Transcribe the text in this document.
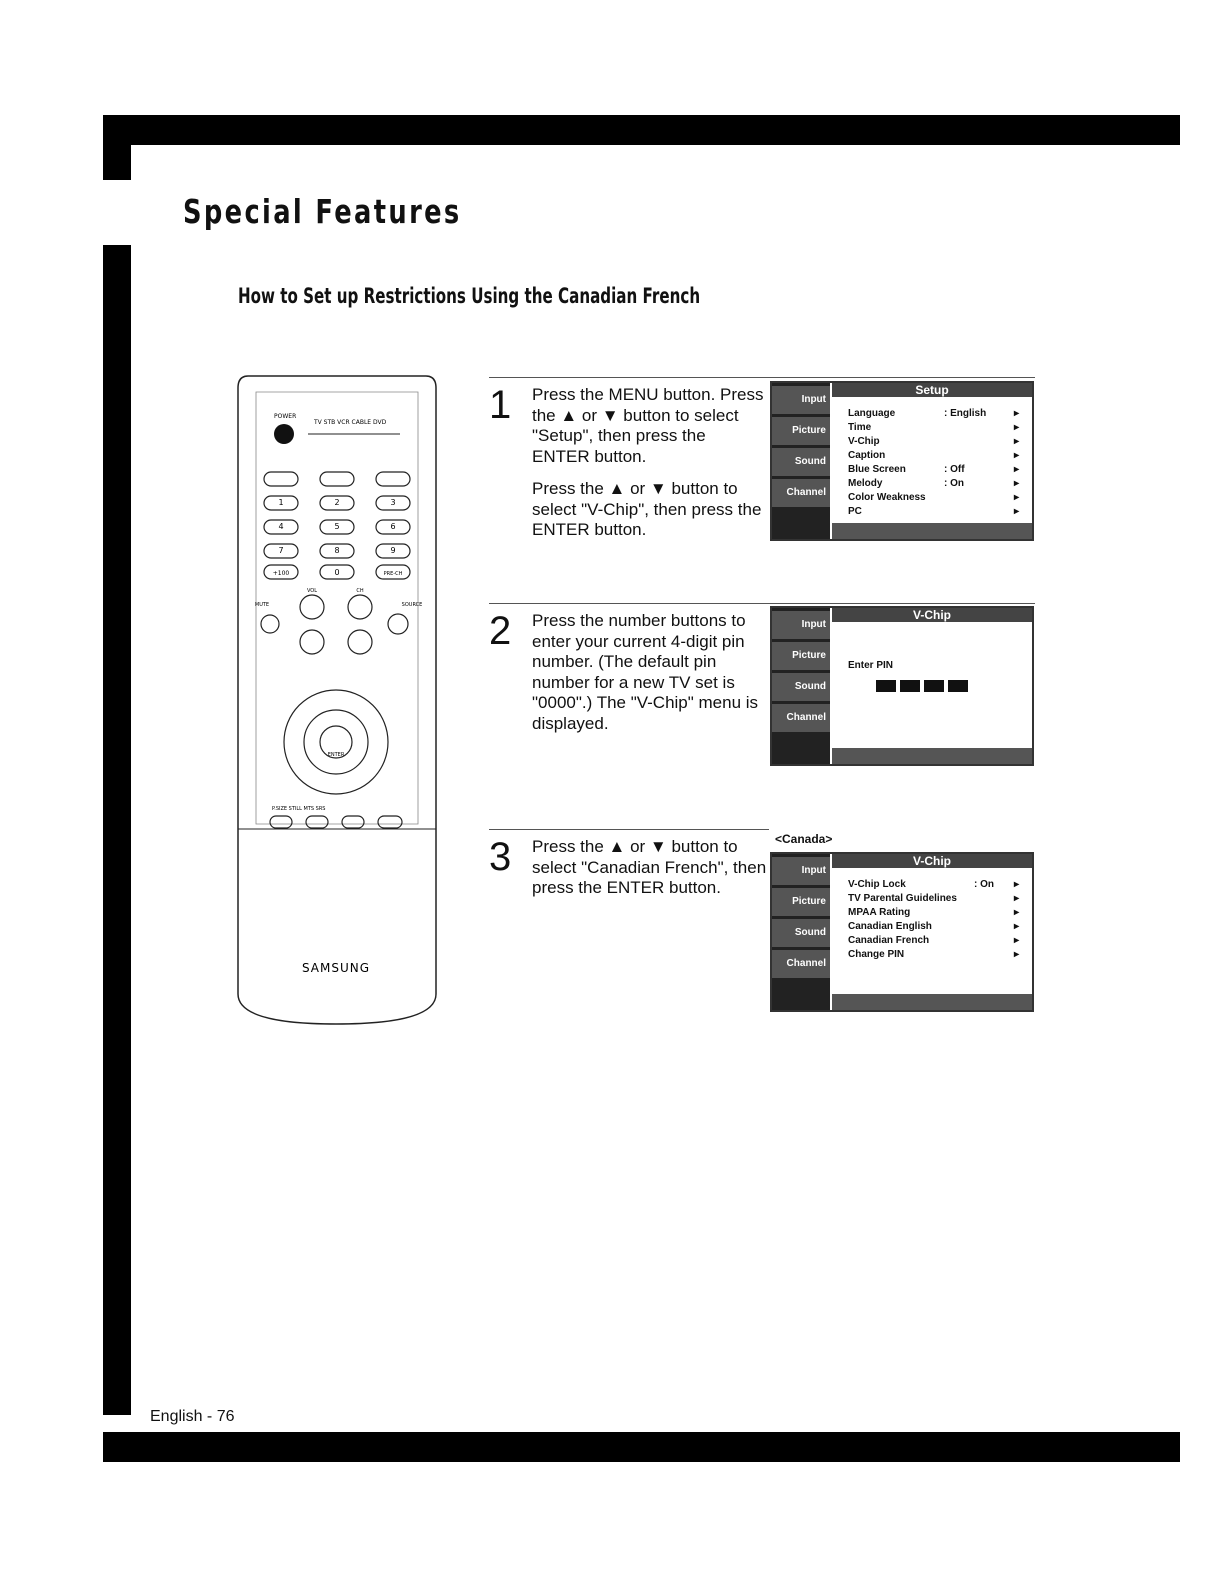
Special Features
How to Set up Restrictions Using the Canadian French
POWER
TV STB VCR CABLE DVD
1	2	3
4	5	6
7	8	9
+100	0	PRE-CH
VOL	CH
MUTE	SOURCE
ENTER
P.SIZE STILL MTS SRS
SAMSUNG
1 Press the MENU button. Press the ▲ or ▼ button to select "Setup", then press the ENTER button.

Press the ▲ or ▼ button to select "V-Chip", then press the ENTER button.

Input
Picture
Sound
Channel
Setup
Language	: English	▸
Time	▸
V-Chip	▸
Caption	▸
Blue Screen	: Off	▸
Melody	: On	▸
Color Weakness	▸
PC	▸
2 Press the number buttons to enter your current 4-digit pin number. (The default pin number for a new TV set is "0000".) The "V-Chip" menu is displayed.

Input
Picture
Sound
Channel
V-Chip
Enter PIN
3 Press the ▲ or ▼ button to select "Canadian French", then press the ENTER button.

<Canada>
Input
Picture
Sound
Channel
V-Chip
V-Chip Lock	: On	▸
TV Parental Guidelines	▸
MPAA Rating	▸
Canadian English	▸
Canadian French	▸
Change PIN	▸
English - 76
